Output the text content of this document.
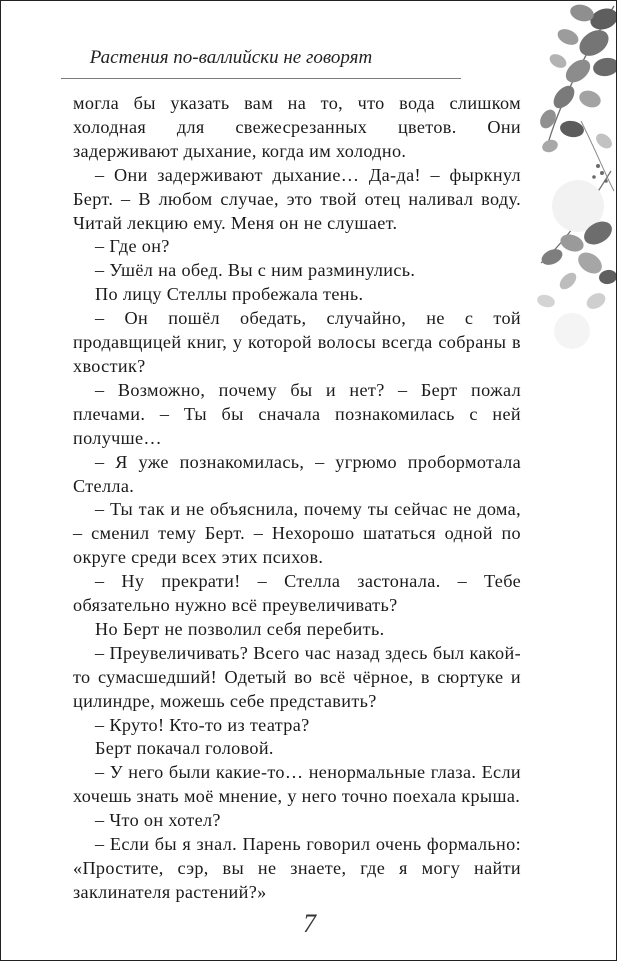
Растения по-валлийски не говорят

могла бы указать вам на то, что вода слишком холодная для свежесрезанных цветов. Они задерживают дыхание, когда им холодно.

– Они задерживают дыхание… Да-да! – фыркнул Берт. – В любом случае, это твой отец наливал воду. Читай лекцию ему. Меня он не слушает.

– Где он?

– Ушёл на обед. Вы с ним разминулись.

По лицу Стеллы пробежала тень.

– Он пошёл обедать, случайно, не с той продавщицей книг, у которой волосы всегда собраны в хвостик?

– Возможно, почему бы и нет? – Берт пожал плечами. – Ты бы сначала познакомилась с ней получше…

– Я уже познакомилась, – угрюмо пробормотала Стелла.

– Ты так и не объяснила, почему ты сейчас не дома, – сменил тему Берт. – Нехорошо шататься одной по округе среди всех этих психов.

– Ну прекрати! – Стелла застонала. – Тебе обязательно нужно всё преувеличивать?

Но Берт не позволил себя перебить.

– Преувеличивать? Всего час назад здесь был какой-то сумасшедший! Одетый во всё чёрное, в сюртуке и цилиндре, можешь себе представить?

– Круто! Кто-то из театра?

Берт покачал головой.

– У него были какие-то… ненормальные глаза. Если хочешь знать моё мнение, у него точно поехала крыша.

– Что он хотел?

– Если бы я знал. Парень говорил очень формально: «Простите, сэр, вы не знаете, где я могу найти заклинателя растений?»

7
